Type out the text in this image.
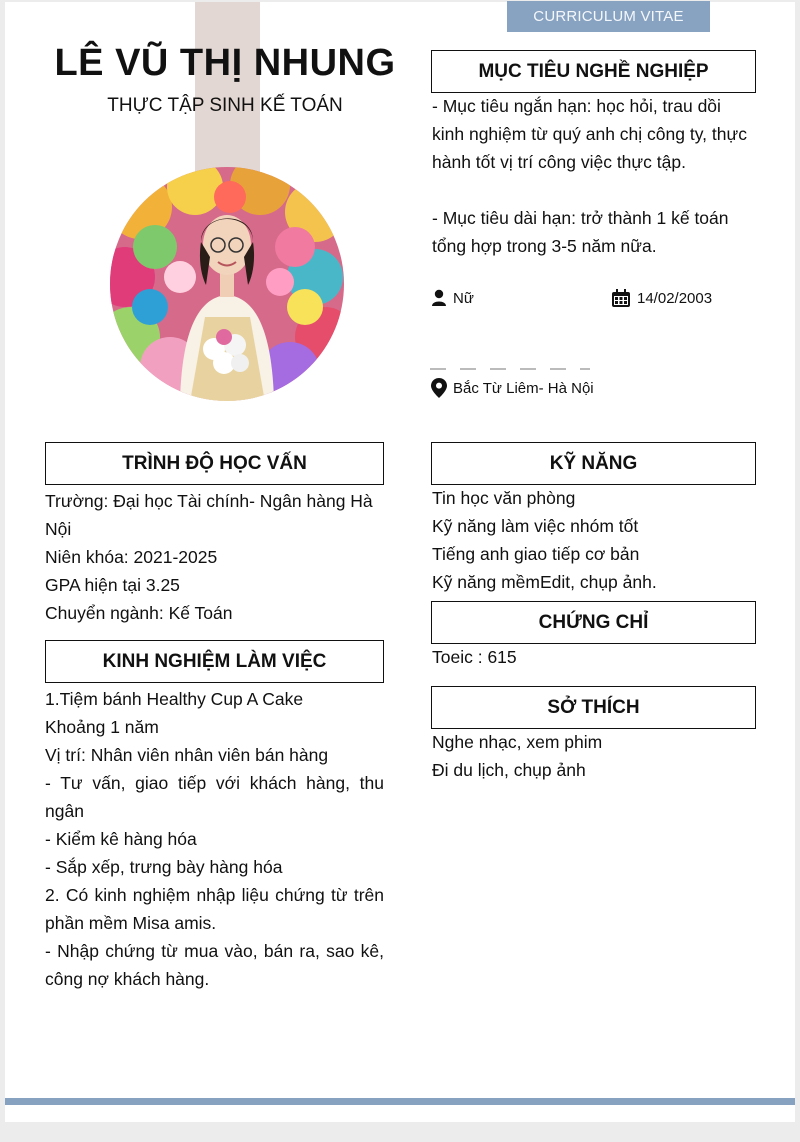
CURRICULUM VITAE
LÊ VŨ THỊ NHUNG
THỰC TẬP SINH KẾ TOÁN
MỤC TIÊU NGHỀ NGHIỆP

- Mục tiêu ngắn hạn: học hỏi, trau dồi kinh nghiệm từ quý anh chị công ty, thực hành tốt vị trí công việc thực tập.

- Mục tiêu dài hạn: trở thành 1 kế toán tổng hợp trong 3-5 năm nữa.

Nữ	14/02/2003
Bắc Từ Liêm- Hà Nội
TRÌNH ĐỘ HỌC VẤN

Trường: Đại học Tài chính- Ngân hàng Hà Nội

Niên khóa: 2021-2025

GPA hiện tại 3.25

Chuyển ngành: Kế Toán

KINH NGHIỆM LÀM VIỆC

1.Tiệm bánh Healthy Cup A Cake

Khoảng 1 năm

Vị trí: Nhân viên nhân viên bán hàng

- Tư vấn, giao tiếp với khách hàng, thu ngân

- Kiểm kê hàng hóa

- Sắp xếp, trưng bày hàng hóa

2. Có kinh nghiệm nhập liệu chứng từ trên phần mềm Misa amis.

- Nhập chứng từ mua vào, bán ra, sao kê, công nợ khách hàng.

KỸ NĂNG

Tin học văn phòng

Kỹ năng làm việc nhóm tốt

Tiếng anh giao tiếp cơ bản

Kỹ năng mềmEdit, chụp ảnh.

CHỨNG CHỈ

Toeic : 615

SỞ THÍCH

Nghe nhạc, xem phim

Đi du lịch, chụp ảnh
